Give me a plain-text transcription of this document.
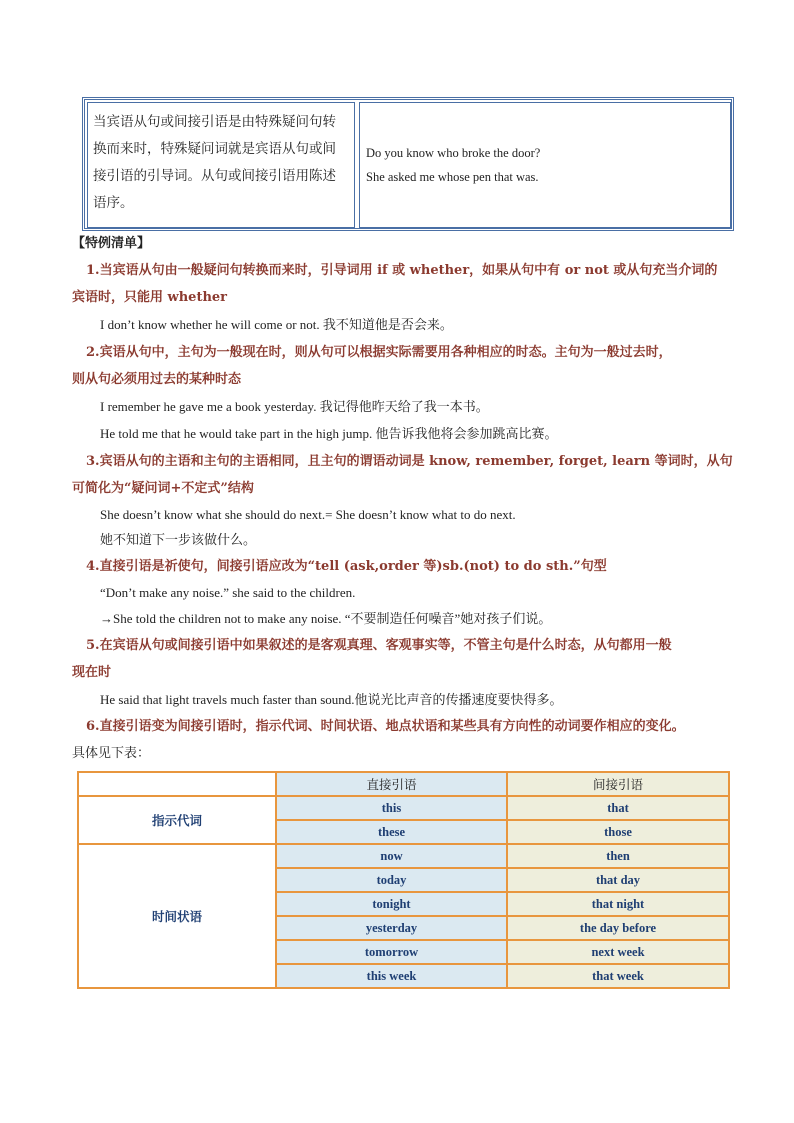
当宾语从句或间接引语是由特殊疑问句转换而来时，特殊疑问词就是宾语从句或间接引语的引导词。从句或间接引语用陈述语序。
Do you know who broke the door?
She asked me whose pen that was.
【特例清单】
1.当宾语从句由一般疑问句转换而来时，引导词用 if 或 whether，如果从句中有 or not 或从句充当介词的
宾语时，只能用 whether
I don’t know whether he will come or not. 我不知道他是否会来。
2.宾语从句中，主句为一般现在时，则从句可以根据实际需要用各种相应的时态。主句为一般过去时，
则从句必须用过去的某种时态
I remember he gave me a book yesterday. 我记得他昨天给了我一本书。
He told me that he would take part in the high jump. 他告诉我他将会参加跳高比赛。
3.宾语从句的主语和主句的主语相同，且主句的谓语动词是 know, remember, forget, learn 等词时，从句
可简化为“疑问词+不定式”结构
She doesn’t know what she should do next.= She doesn’t know what to do next.
她不知道下一步该做什么。
4.直接引语是祈使句，间接引语应改为“tell (ask,order 等)sb.(not) to do sth.”句型
“Don’t make any noise.” she said to the children.
→She told the children not to make any noise. “不要制造任何噪音”她对孩子们说。
5.在宾语从句或间接引语中如果叙述的是客观真理、客观事实等，不管主句是什么时态，从句都用一般
现在时
He said that light travels much faster than sound.他说光比声音的传播速度要快得多。
6.直接引语变为间接引语时，指示代词、时间状语、地点状语和某些具有方向性的动词要作相应的变化。
具体见下表：
	直接引语	间接引语
指示代词	this	that
	these	those
时间状语	now	then
	today	that day
	tonight	that night
	yesterday	the day before
	tomorrow	next week
	this week	that week
